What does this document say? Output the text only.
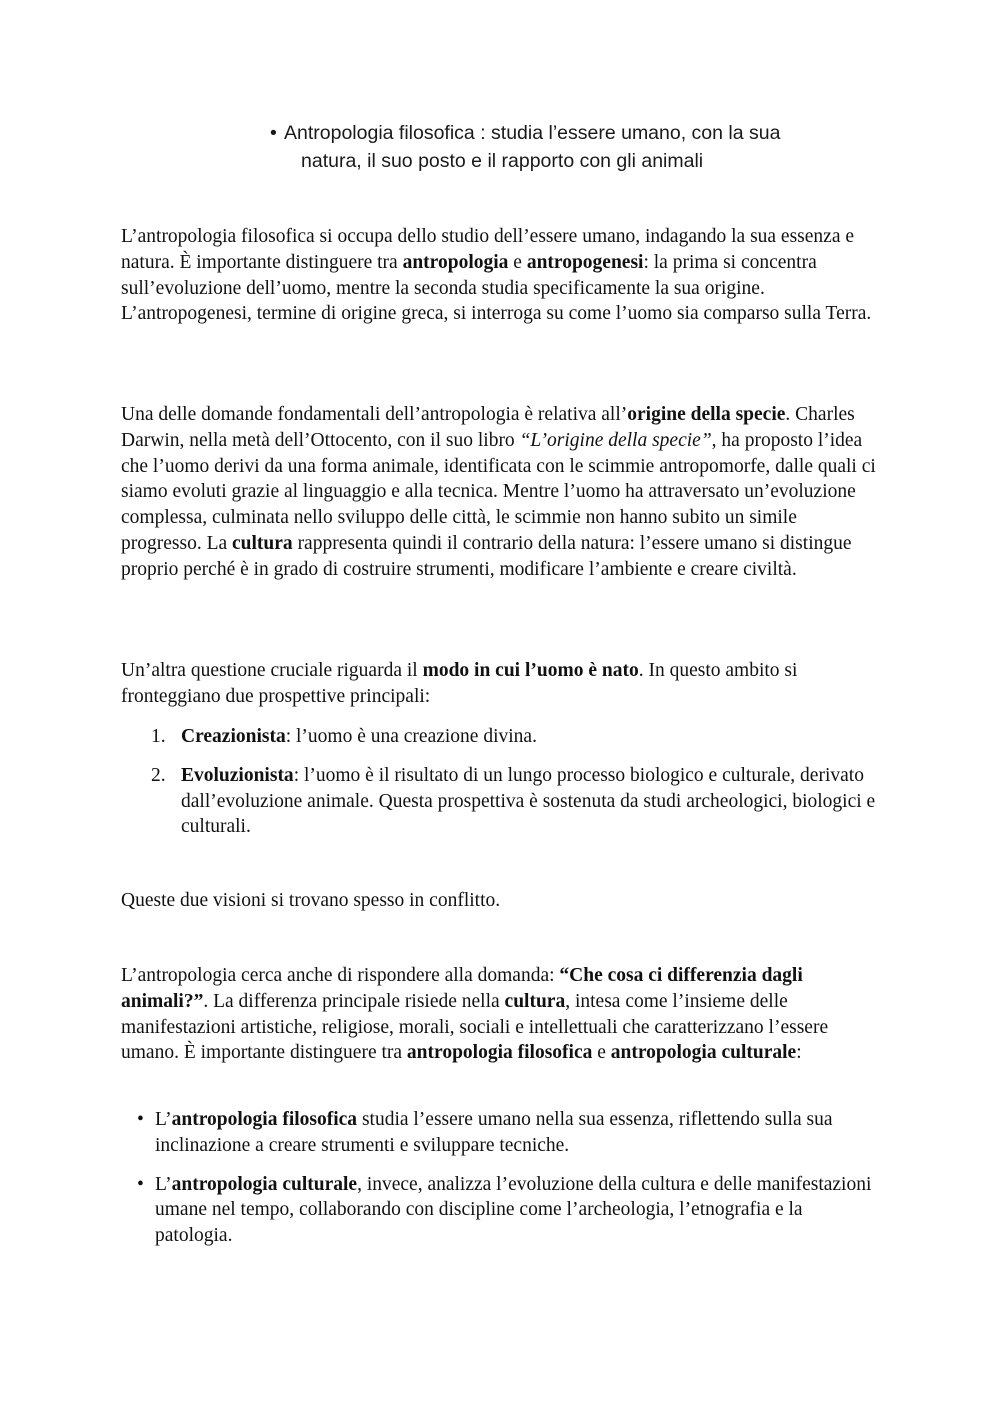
• Antropologia filosofica : studia l’essere umano, con la sua
natura, il suo posto e il rapporto con gli animali

L’antropologia filosofica si occupa dello studio dell’essere umano, indagando la sua essenza e natura. È importante distinguere tra antropologia e antropogenesi: la prima si concentra sull’evoluzione dell’uomo, mentre la seconda studia specificamente la sua origine. L’antropogenesi, termine di origine greca, si interroga su come l’uomo sia comparso sulla Terra.

Una delle domande fondamentali dell’antropologia è relativa all’origine della specie. Charles Darwin, nella metà dell’Ottocento, con il suo libro “L’origine della specie”, ha proposto l’idea che l’uomo derivi da una forma animale, identificata con le scimmie antropomorfe, dalle quali ci siamo evoluti grazie al linguaggio e alla tecnica. Mentre l’uomo ha attraversato un’evoluzione complessa, culminata nello sviluppo delle città, le scimmie non hanno subito un simile progresso. La cultura rappresenta quindi il contrario della natura: l’essere umano si distingue proprio perché è in grado di costruire strumenti, modificare l’ambiente e creare civiltà.

Un’altra questione cruciale riguarda il modo in cui l’uomo è nato. In questo ambito si fronteggiano due prospettive principali:

1. Creazionista: l’uomo è una creazione divina.
2. Evoluzionista: l’uomo è il risultato di un lungo processo biologico e culturale, derivato dall’evoluzione animale. Questa prospettiva è sostenuta da studi archeologici, biologici e culturali.

Queste due visioni si trovano spesso in conflitto.

L’antropologia cerca anche di rispondere alla domanda: “Che cosa ci differenzia dagli animali?”. La differenza principale risiede nella cultura, intesa come l’insieme delle manifestazioni artistiche, religiose, morali, sociali e intellettuali che caratterizzano l’essere umano. È importante distinguere tra antropologia filosofica e antropologia culturale:

• L’antropologia filosofica studia l’essere umano nella sua essenza, riflettendo sulla sua inclinazione a creare strumenti e sviluppare tecniche.
• L’antropologia culturale, invece, analizza l’evoluzione della cultura e delle manifestazioni umane nel tempo, collaborando con discipline come l’archeologia, l’etnografia e la patologia.
